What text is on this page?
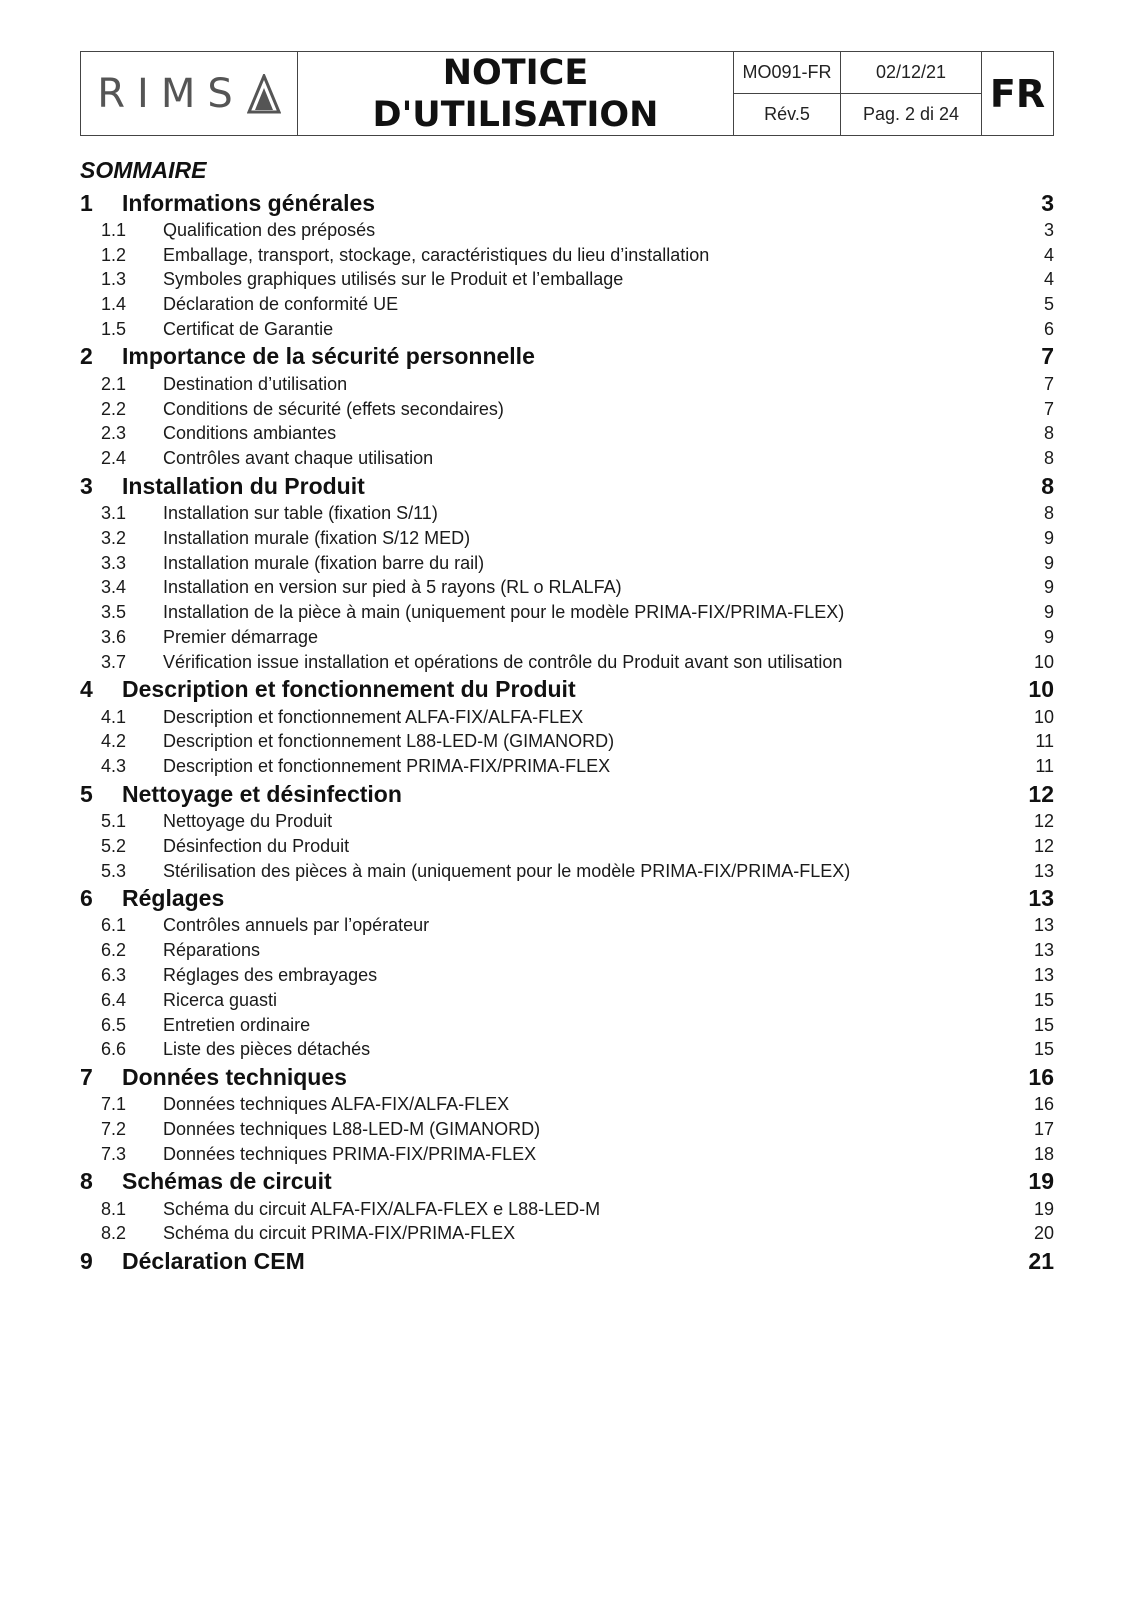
RIMS	NOTICE
D'UTILISATION
MO091-FR	02/12/21
Rév.5	Pag. 2 di 24 FR
SOMMAIRE
1	Informations générales	3
1.1	Qualification des préposés	3
1.2	Emballage, transport, stockage, caractéristiques du lieu d’installation	4
1.3	Symboles graphiques utilisés sur le Produit et l’emballage	4
1.4	Déclaration de conformité UE	5
1.5	Certificat de Garantie	6
2	Importance de la sécurité personnelle	7
2.1	Destination d’utilisation	7
2.2	Conditions de sécurité (effets secondaires)	7
2.3	Conditions ambiantes	8
2.4	Contrôles avant chaque utilisation	8
3	Installation du Produit	8
3.1	Installation sur table (fixation S/11)	8
3.2	Installation murale (fixation S/12 MED)	9
3.3	Installation murale (fixation barre du rail)	9
3.4	Installation en version sur pied à 5 rayons (RL o RLALFA)	9
3.5	Installation de la pièce à main (uniquement pour le modèle PRIMA-FIX/PRIMA-FLEX)	9
3.6	Premier démarrage	9
3.7	Vérification issue installation et opérations de contrôle du Produit avant son utilisation	10
4	Description et fonctionnement du Produit	10
4.1	Description et fonctionnement ALFA-FIX/ALFA-FLEX	10
4.2	Description et fonctionnement L88-LED-M (GIMANORD)	11
4.3	Description et fonctionnement PRIMA-FIX/PRIMA-FLEX	11
5	Nettoyage et désinfection	12
5.1	Nettoyage du Produit	12
5.2	Désinfection du Produit	12
5.3	Stérilisation des pièces à main (uniquement pour le modèle PRIMA-FIX/PRIMA-FLEX)	13
6	Réglages	13
6.1	Contrôles annuels par l’opérateur	13
6.2	Réparations	13
6.3	Réglages des embrayages	13
6.4	Ricerca guasti	15
6.5	Entretien ordinaire	15
6.6	Liste des pièces détachés	15
7	Données techniques	16
7.1	Données techniques ALFA-FIX/ALFA-FLEX	16
7.2	Données techniques L88-LED-M (GIMANORD)	17
7.3	Données techniques PRIMA-FIX/PRIMA-FLEX	18
8	Schémas de circuit	19
8.1	Schéma du circuit ALFA-FIX/ALFA-FLEX e L88-LED-M	19
8.2	Schéma du circuit PRIMA-FIX/PRIMA-FLEX	20
9	Déclaration CEM	21
